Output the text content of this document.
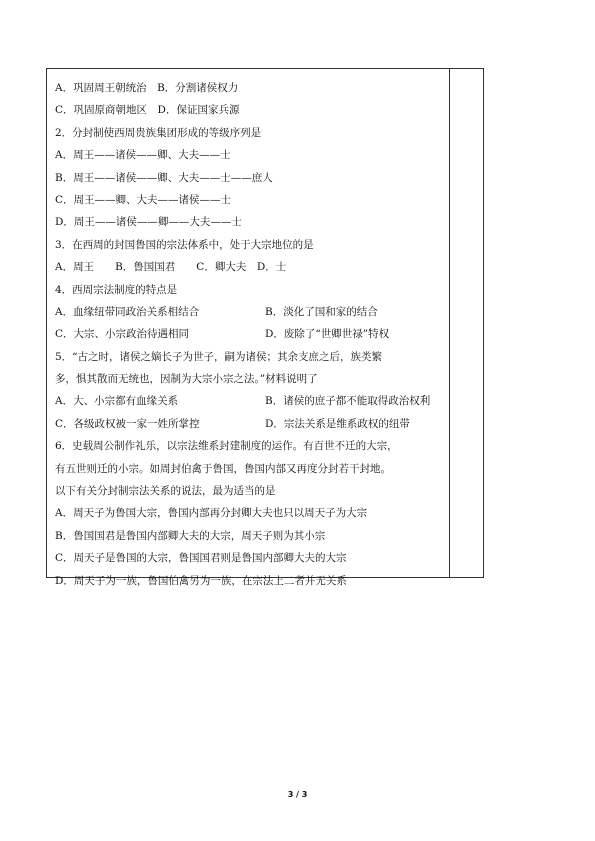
A．巩固周王朝统治　B．分割诸侯权力
C．巩固原商朝地区　D．保证国家兵源
2．分封制使西周贵族集团形成的等级序列是
A．周王——诸侯——卿、大夫——士
B．周王——诸侯——卿、大夫——士——庶人
C．周王——卿、大夫——诸侯——士
D．周王——诸侯——卿——大夫——士
3．在西周的封国鲁国的宗法体系中，处于大宗地位的是
A．周王　　B．鲁国国君　　C．卿大夫　D．士
4．西周宗法制度的特点是
A．血缘纽带同政治关系相结合	B．淡化了国和家的结合
C．大宗、小宗政治待遇相同	D．废除了“世卿世禄”特权
5．“古之时，诸侯之嫡长子为世子，嗣为诸侯；其余支庶之后，族类繁
多，惧其散而无统也，因制为大宗小宗之法。”材料说明了
A．大、小宗都有血缘关系	B．诸侯的庶子都不能取得政治权利
C．各级政权被一家一姓所掌控	D．宗法关系是维系政权的纽带
6．史载周公制作礼乐，以宗法维系封建制度的运作。有百世不迁的大宗，
有五世则迁的小宗。如周封伯禽于鲁国，鲁国内部又再度分封若干封地。
以下有关分封制宗法关系的说法，最为适当的是
A．周天子为鲁国大宗，鲁国内部再分封卿大夫也只以周天子为大宗
B．鲁国国君是鲁国内部卿大夫的大宗，周天子则为其小宗
C．周天子是鲁国的大宗，鲁国国君则是鲁国内部卿大夫的大宗
D．周天子为一族，鲁国伯禽另为一族，在宗法上二者并无关系
3 / 3
